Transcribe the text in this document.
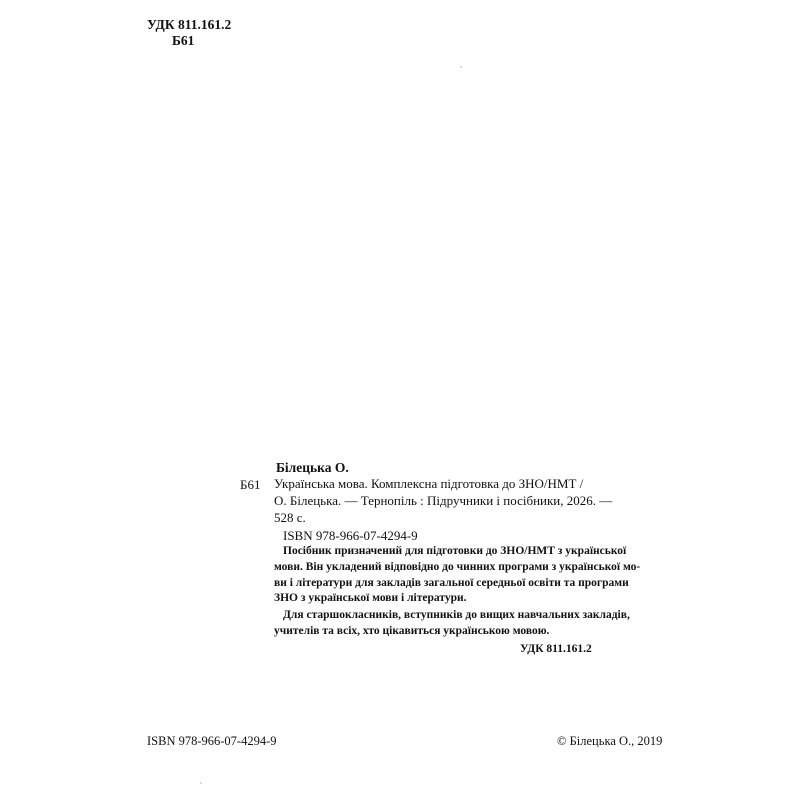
УДК 811.161.2
Б61
Білецька О.
Б61 Українська мова. Комплексна підготовка до ЗНО/НМТ /
О. Білецька. — Тернопіль : Підручники і посібники, 2026. —
528 с.
ISBN 978-966-07-4294-9
Посібник призначений для підготовки до ЗНО/НМТ з української
мови. Він укладений відповідно до чинних програми з української мо-
ви і літератури для закладів загальної середньої освіти та програми
ЗНО з української мови і літератури.
Для старшокласників, вступників до вищих навчальних закладів,
учителів та всіх, хто цікавиться українською мовою.
УДК 811.161.2
ISBN 978-966-07-4294-9	© Білецька О., 2019
